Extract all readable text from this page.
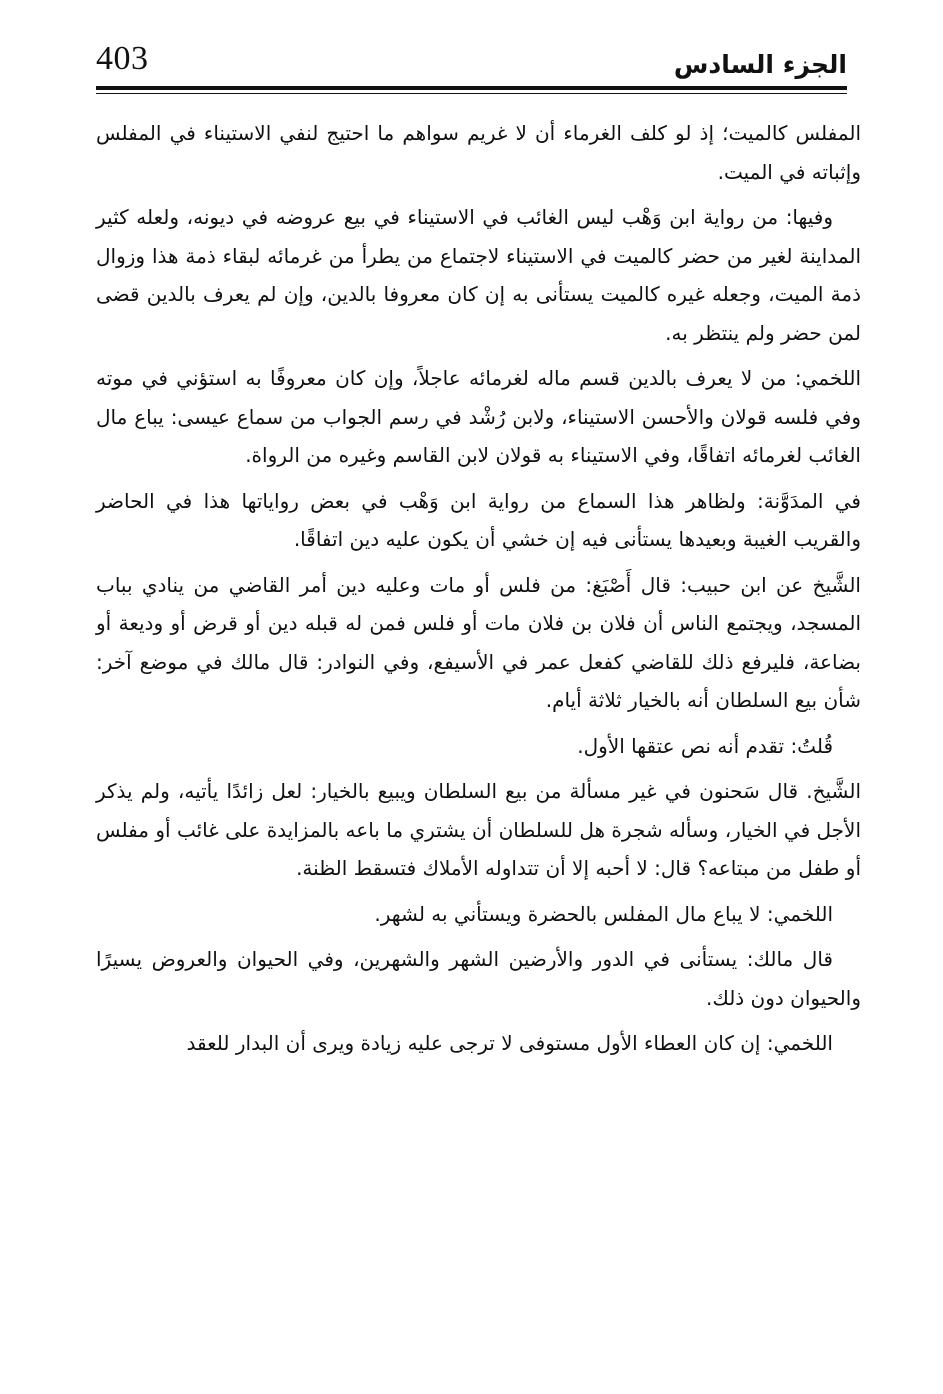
403	الجزء السادس

المفلس كالميت؛ إذ لو كلف الغرماء أن لا غريم سواهم ما احتيج لنفي الاستيناء في المفلس وإثباته في الميت.

وفيها: من رواية ابن وَهْب ليس الغائب في الاستيناء في بيع عروضه في ديونه، ولعله كثير المداينة لغير من حضر كالميت في الاستيناء لاجتماع من يطرأ من غرمائه لبقاء ذمة هذا وزوال ذمة الميت، وجعله غيره كالميت يستأنى به إن كان معروفا بالدين، وإن لم يعرف بالدين قضى لمن حضر ولم ينتظر به.

اللخمي: من لا يعرف بالدين قسم ماله لغرمائه عاجلاً، وإن كان معروفًا به استؤني في موته وفي فلسه قولان والأحسن الاستيناء، ولابن رُشْد في رسم الجواب من سماع عيسى: يباع مال الغائب لغرمائه اتفاقًا، وفي الاستيناء به قولان لابن القاسم وغيره من الرواة.

في المدَوَّنة: ولظاهر هذا السماع من رواية ابن وَهْب في بعض رواياتها هذا في الحاضر والقريب الغيبة وبعيدها يستأنى فيه إن خشي أن يكون عليه دين اتفاقًا.

الشَّيخ عن ابن حبيب: قال أَصْبَغ: من فلس أو مات وعليه دين أمر القاضي من ينادي بباب المسجد، ويجتمع الناس أن فلان بن فلان مات أو فلس فمن له قبله دين أو قرض أو وديعة أو بضاعة، فليرفع ذلك للقاضي كفعل عمر في الأسيفع، وفي النوادر: قال مالك في موضع آخر: شأن بيع السلطان أنه بالخيار ثلاثة أيام.

قُلتُ: تقدم أنه نص عتقها الأول.

الشَّيخ. قال سَحنون في غير مسألة من بيع السلطان ويبيع بالخيار: لعل زائدًا يأتيه، ولم يذكر الأجل في الخيار، وسأله شجرة هل للسلطان أن يشتري ما باعه بالمزايدة على غائب أو مفلس أو طفل من مبتاعه؟ قال: لا أحبه إلا أن تتداوله الأملاك فتسقط الظنة.

اللخمي: لا يباع مال المفلس بالحضرة ويستأني به لشهر.

قال مالك: يستأنى في الدور والأرضين الشهر والشهرين، وفي الحيوان والعروض يسيرًا والحيوان دون ذلك.

اللخمي: إن كان العطاء الأول مستوفى لا ترجى عليه زيادة ويرى أن البدار للعقد
